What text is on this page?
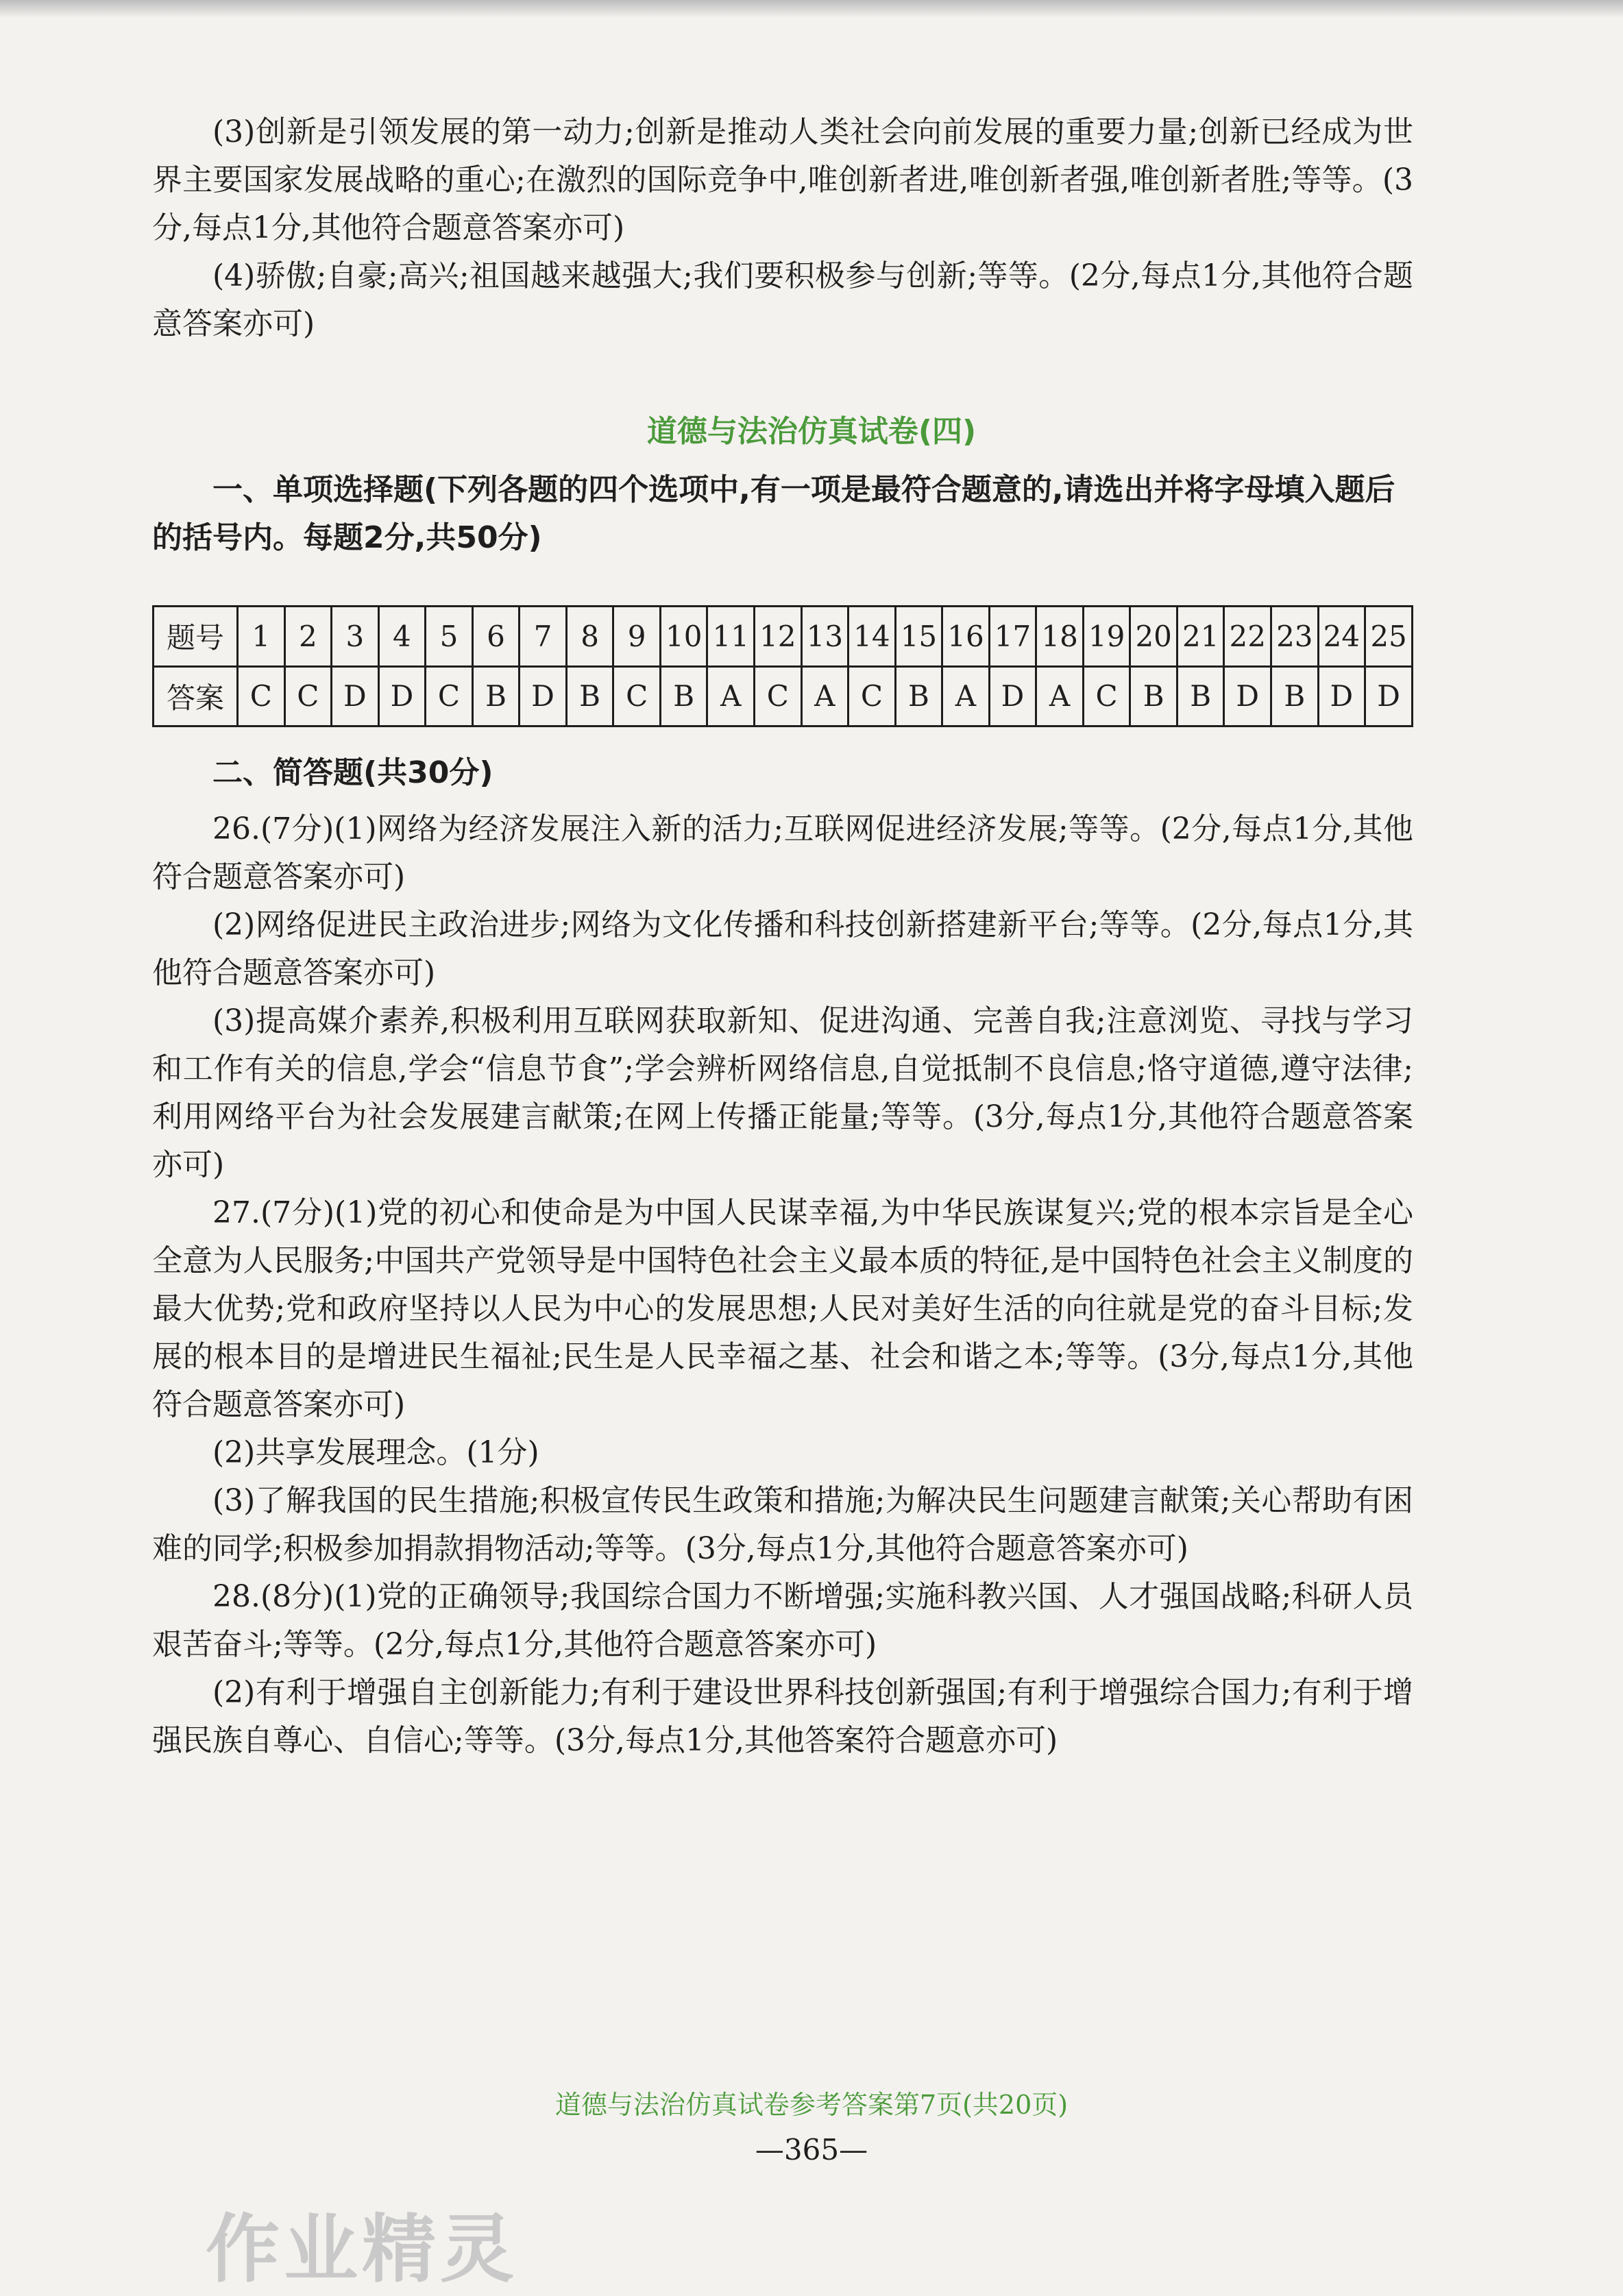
(3)创新是引领发展的第一动力;创新是推动人类社会向前发展的重要力量;创新已经成为世界主要国家发展战略的重心;在激烈的国际竞争中,唯创新者进,唯创新者强,唯创新者胜;等等。(3分,每点1分,其他符合题意答案亦可)

(4)骄傲;自豪;高兴;祖国越来越强大;我们要积极参与创新;等等。(2分,每点1分,其他符合题意答案亦可)

道德与法治仿真试卷(四)

一、单项选择题(下列各题的四个选项中,有一项是最符合题意的,请选出并将字母填入题后的括号内。每题2分,共50分)

题号	1	2	3	4	5	6	7	8	9	10	11	12	13	14	15	16	17	18	19	20	21	22	23	24	25
答案	C	C	D	D	C	B	D	B	C	B	A	C	A	C	B	A	D	A	C	B	B	D	B	D	D

二、简答题(共30分)

26.(7分)(1)网络为经济发展注入新的活力;互联网促进经济发展;等等。(2分,每点1分,其他符合题意答案亦可)

(2)网络促进民主政治进步;网络为文化传播和科技创新搭建新平台;等等。(2分,每点1分,其他符合题意答案亦可)

(3)提高媒介素养,积极利用互联网获取新知、促进沟通、完善自我;注意浏览、寻找与学习和工作有关的信息,学会“信息节食”;学会辨析网络信息,自觉抵制不良信息;恪守道德,遵守法律;利用网络平台为社会发展建言献策;在网上传播正能量;等等。(3分,每点1分,其他符合题意答案亦可)

27.(7分)(1)党的初心和使命是为中国人民谋幸福,为中华民族谋复兴;党的根本宗旨是全心全意为人民服务;中国共产党领导是中国特色社会主义最本质的特征,是中国特色社会主义制度的最大优势;党和政府坚持以人民为中心的发展思想;人民对美好生活的向往就是党的奋斗目标;发展的根本目的是增进民生福祉;民生是人民幸福之基、社会和谐之本;等等。(3分,每点1分,其他符合题意答案亦可)

(2)共享发展理念。(1分)

(3)了解我国的民生措施;积极宣传民生政策和措施;为解决民生问题建言献策;关心帮助有困难的同学;积极参加捐款捐物活动;等等。(3分,每点1分,其他符合题意答案亦可)

28.(8分)(1)党的正确领导;我国综合国力不断增强;实施科教兴国、人才强国战略;科研人员艰苦奋斗;等等。(2分,每点1分,其他符合题意答案亦可)

(2)有利于增强自主创新能力;有利于建设世界科技创新强国;有利于增强综合国力;有利于增强民族自尊心、自信心;等等。(3分,每点1分,其他答案符合题意亦可)

道德与法治仿真试卷参考答案第7页(共20页)
—365—
作业精灵
